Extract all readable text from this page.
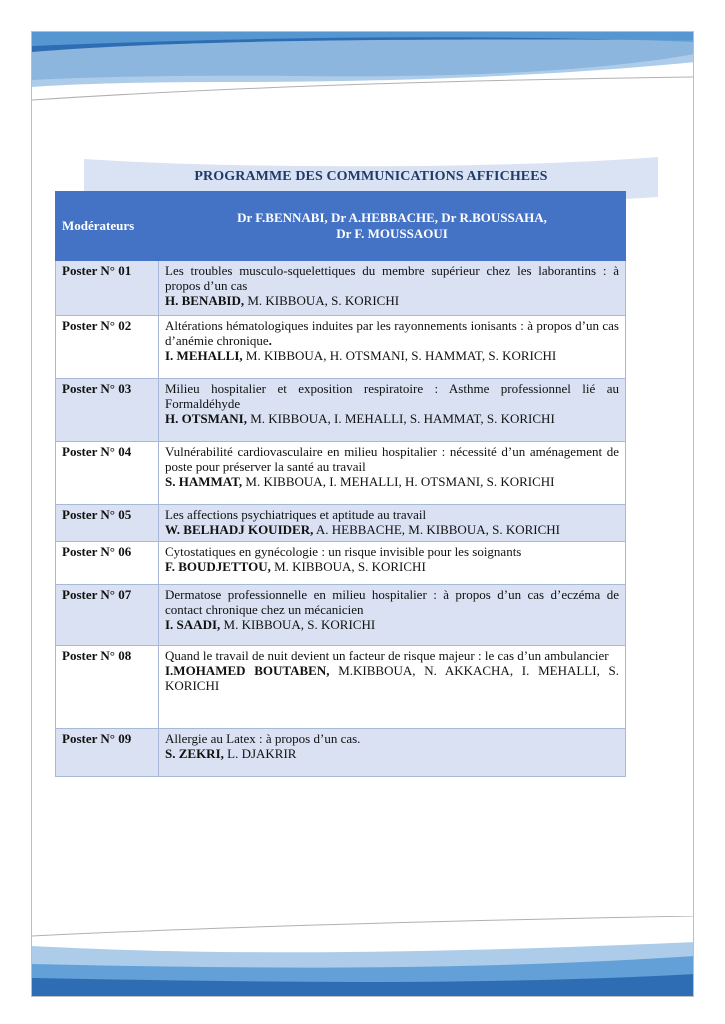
PROGRAMME DES COMMUNICATIONS AFFICHEES
Modérateurs	Dr F.BENNABI, Dr A.HEBBACHE, Dr R.BOUSSAHA,
Dr F. MOUSSAOUI

Poster N° 01	Les troubles musculo-squelettiques du membre supérieur chez les laborantins : à propos d’un cas

H. BENABID, M. KIBBOUA, S. KORICHI

Poster N° 02	Altérations hématologiques induites par les rayonnements ionisants : à propos d’un cas d’anémie chronique.

I. MEHALLI, M. KIBBOUA, H. OTSMANI, S. HAMMAT, S. KORICHI

Poster N° 03	Milieu hospitalier et exposition respiratoire : Asthme professionnel lié au Formaldéhyde

H. OTSMANI, M. KIBBOUA, I. MEHALLI, S. HAMMAT, S. KORICHI

Poster N° 04	Vulnérabilité cardiovasculaire en milieu hospitalier : nécessité d’un aménagement de poste pour préserver la santé au travail

S. HAMMAT, M. KIBBOUA, I. MEHALLI, H. OTSMANI, S. KORICHI

Poster N° 05	Les affections psychiatriques et aptitude au travail

W. BELHADJ KOUIDER, A. HEBBACHE, M. KIBBOUA, S. KORICHI

Poster N° 06	Cytostatiques en gynécologie : un risque invisible pour les soignants

F. BOUDJETTOU, M. KIBBOUA, S. KORICHI

Poster N° 07	Dermatose professionnelle en milieu hospitalier : à propos d’un cas d’eczéma de contact chronique chez un mécanicien

I. SAADI, M. KIBBOUA, S. KORICHI

Poster N° 08	Quand le travail de nuit devient un facteur de risque majeur : le cas d’un ambulancier

I.MOHAMED BOUTABEN, M.KIBBOUA, N. AKKACHA, I. MEHALLI, S. KORICHI

Poster N° 09	Allergie au Latex : à propos d’un cas.

S. ZEKRI, L. DJAKRIR
